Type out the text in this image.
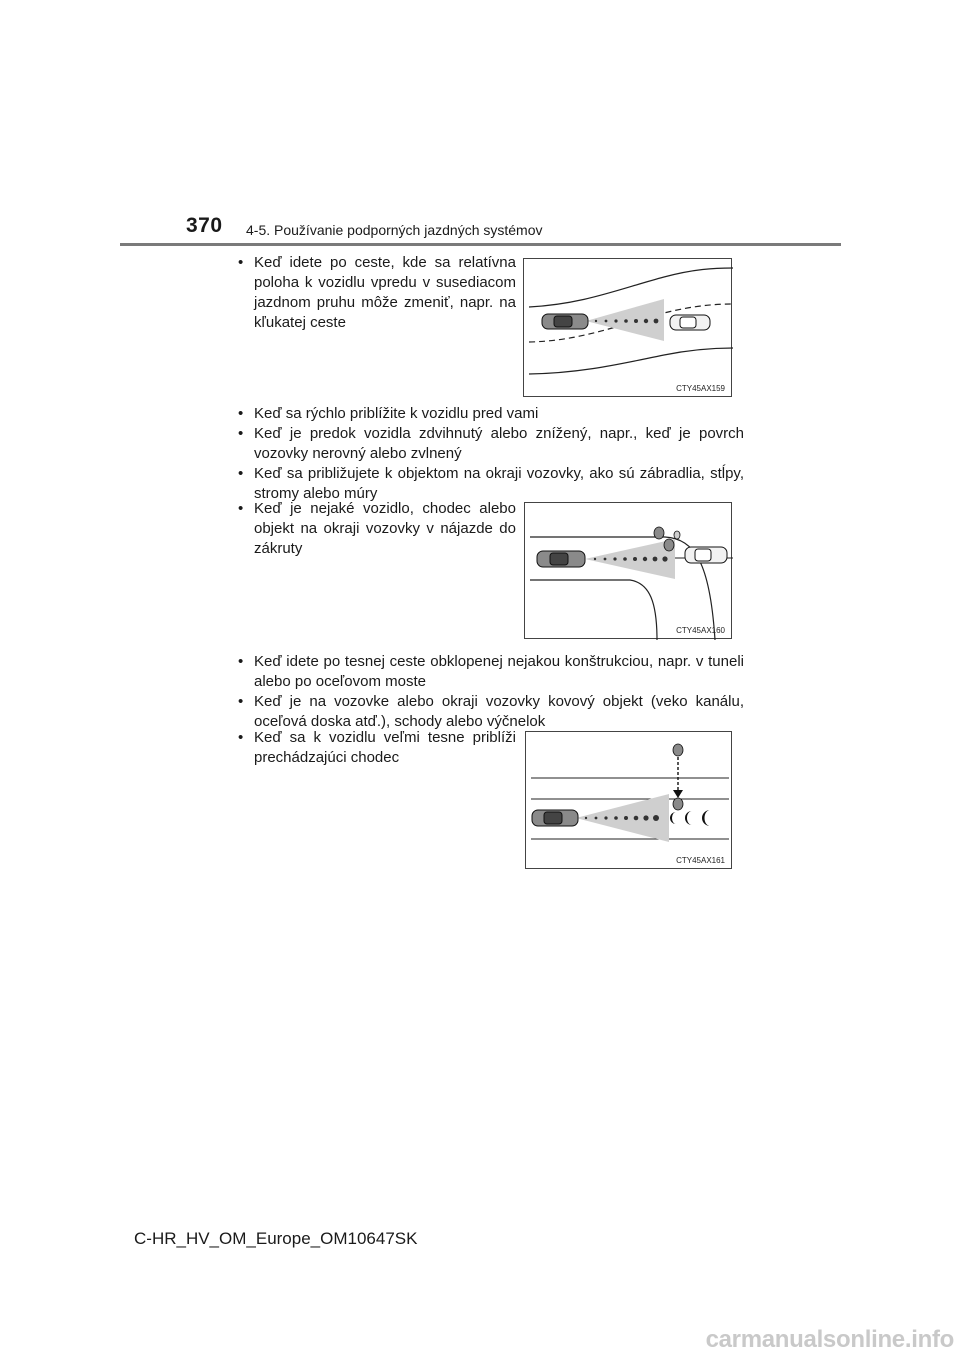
370 4-5. Používanie podporných jazdných systémov
• Keď idete po ceste, kde sa relatívna poloha k vozidlu vpredu v susediacom jazdnom pruhu môže zmeniť, napr. na kľukatej ceste
CTY45AX159
• Keď sa rýchlo priblížite k vozidlu pred vami
• Keď je predok vozidla zdvihnutý alebo znížený, napr., keď je povrch vozovky nerovný alebo zvlnený
• Keď sa približujete k objektom na okraji vozovky, ako sú zábradlia, stĺpy, stromy alebo múry
• Keď je nejaké vozidlo, chodec alebo objekt na okraji vozovky v nájazde do zákruty
CTY45AX160
• Keď idete po tesnej ceste obklopenej nejakou konštrukciou, napr. v tuneli alebo po oceľovom moste
• Keď je na vozovke alebo okraji vozovky kovový objekt (veko kanálu, oceľová doska atď.), schody alebo výčnelok
• Keď sa k vozidlu veľmi tesne priblíži prechádzajúci chodec
CTY45AX161
C-HR_HV_OM_Europe_OM10647SK
carmanualsonline.info
